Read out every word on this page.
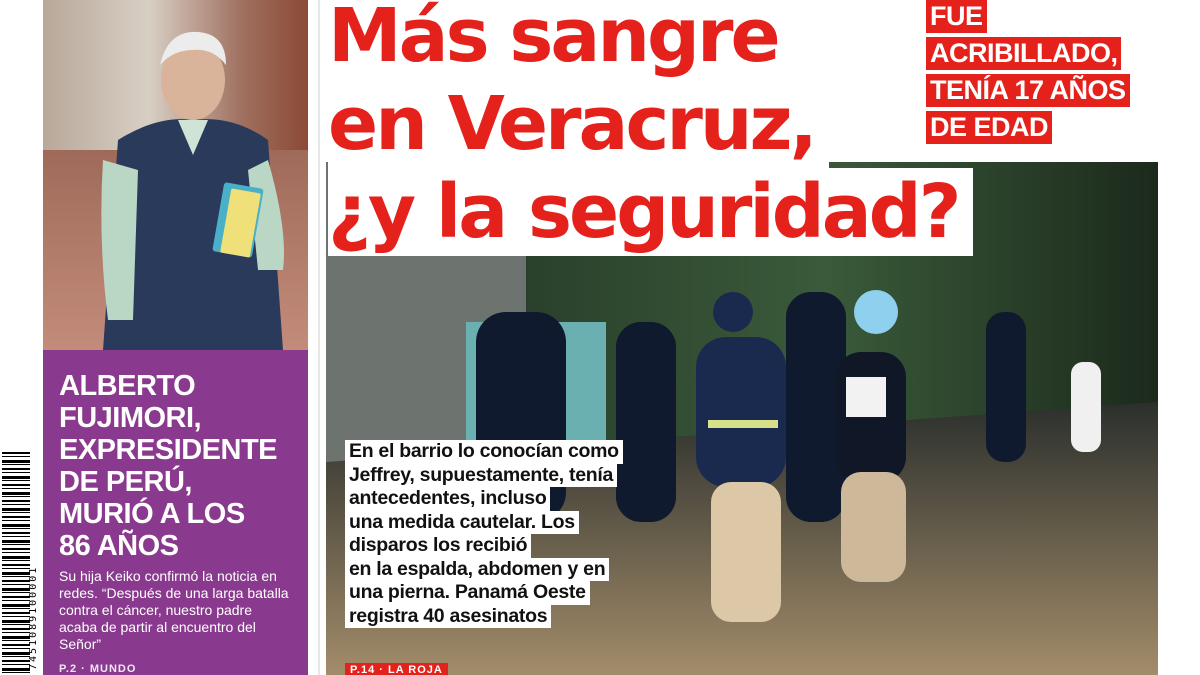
7451089100001
ALBERTO
FUJIMORI,
EXPRESIDENTE
DE PERÚ,
MURIÓ A LOS
86 AÑOS

Su hija Keiko confirmó la noticia en
redes. “Después de una larga batalla
contra el cáncer, nuestro padre
acaba de partir al encuentro del
Señor”

P.2 · MUNDO
Más sangre
en Veracruz,
¿y la seguridad?
FUE
ACRIBILLADO,
TENÍA 17 AÑOS
DE EDAD
En el barrio lo conocían como
Jeffrey, supuestamente, tenía
antecedentes, incluso
una medida cautelar. Los
disparos los recibió
en la espalda, abdomen y en
una pierna. Panamá Oeste
registra 40 asesinatos
P.14 · LA ROJA
